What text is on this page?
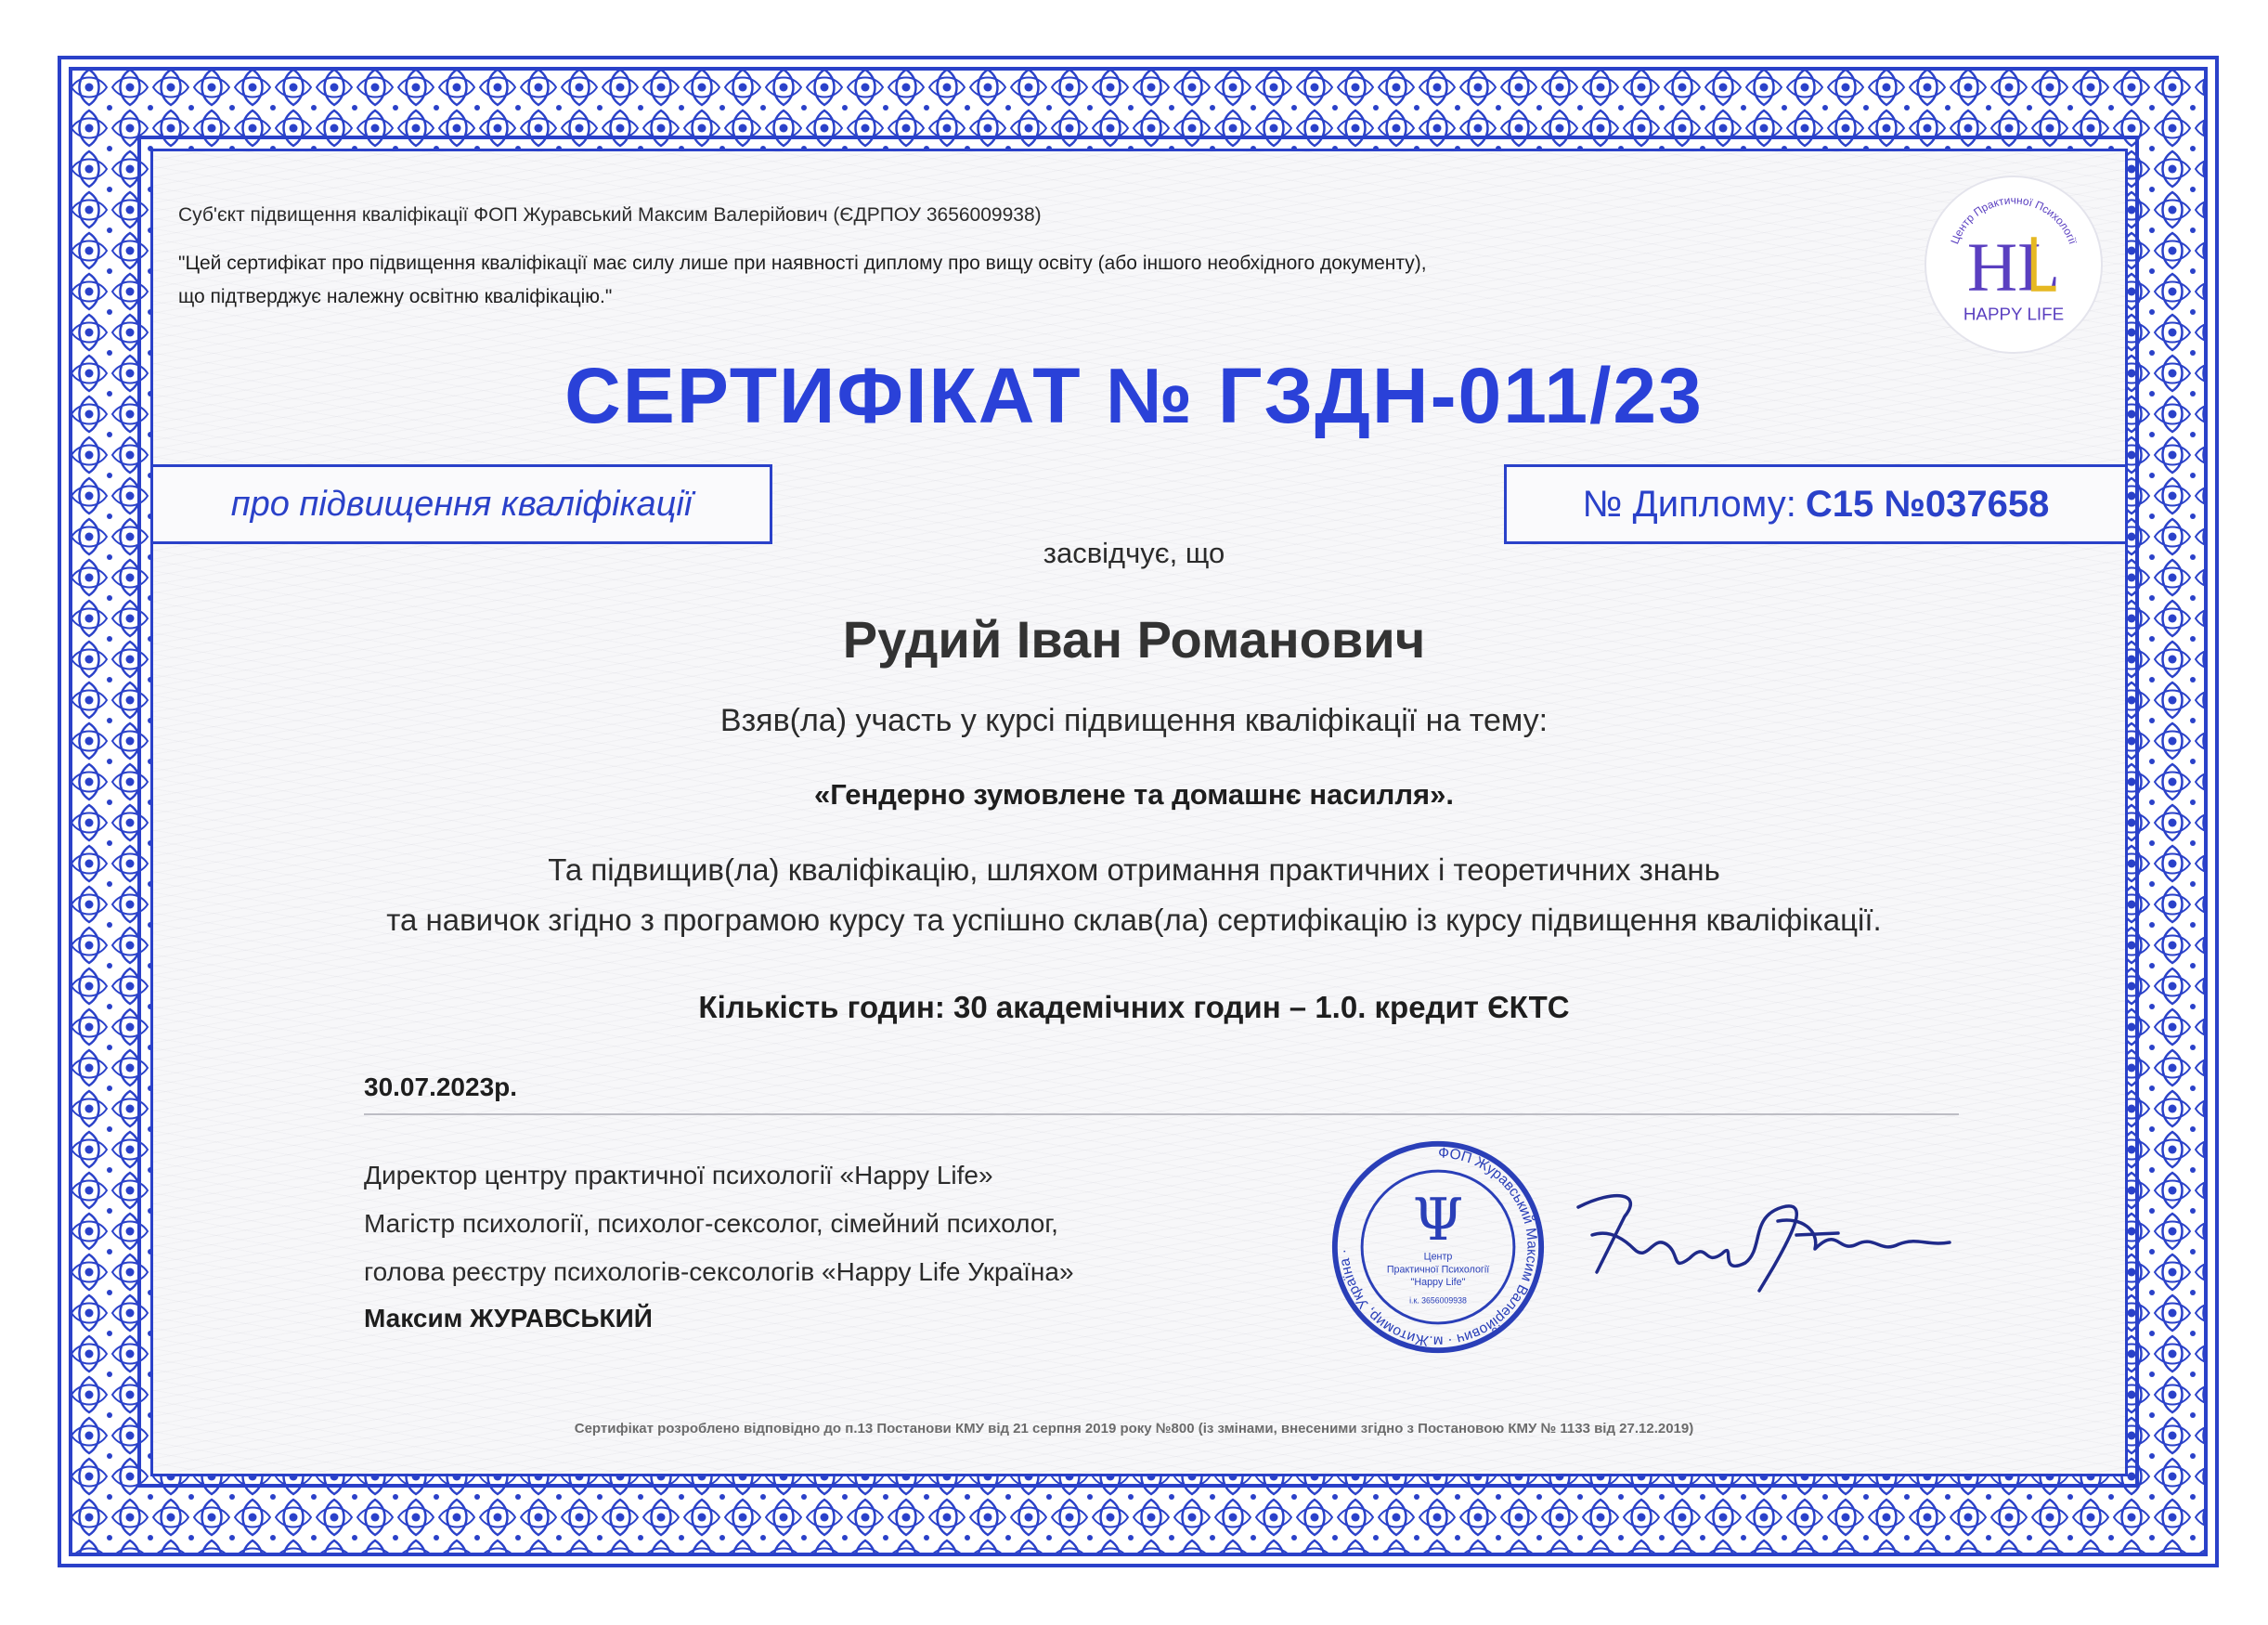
Суб'єкт підвищення кваліфікації ФОП Журавський Максим Валерійович (ЄДРПОУ 3656009938)
"Цей сертифікат про підвищення кваліфікації має силу лише при наявності диплому про вищу освіту (або іншого необхідного документу),
що підтверджує належну освітню кваліфікацію."
Центр Практичної Психології
HL
HAPPY LIFE
СЕРТИФІКАТ № ГЗДН-011/23
про підвищення кваліфікації	№ Диплому: С15 №037658
засвідчує, що
Рудий Іван Романович
Взяв(ла) участь у курсі підвищення кваліфікації на тему:
«Гендерно зумовлене та домашнє насилля».
Та підвищив(ла) кваліфікацію, шляхом отримання практичних і теоретичних знань
та навичок згідно з програмою курсу та успішно склав(ла) сертифікацію із курсу підвищення кваліфікації.
Кількість годин: 30 академічних годин – 1.0. кредит ЄКТС
30.07.2023р.
Директор центру практичної психології «Happy Life»
Магістр психології, психолог-сексолог, сімейний психолог,
голова реєстру психологів-сексологів «Happy Life Україна»
Максим ЖУРАВСЬКИЙ
ФОП Журавський Максим Валерійович · м.Житомир, Україна ·	Ψ
Центр
Практичної Психології
"Happy Life"
і.к. 3656009938
Сертифікат розроблено відповідно до п.13 Постанови КМУ від 21 серпня 2019 року №800 (із змінами, внесеними згідно з Постановою КМУ № 1133 від 27.12.2019)
